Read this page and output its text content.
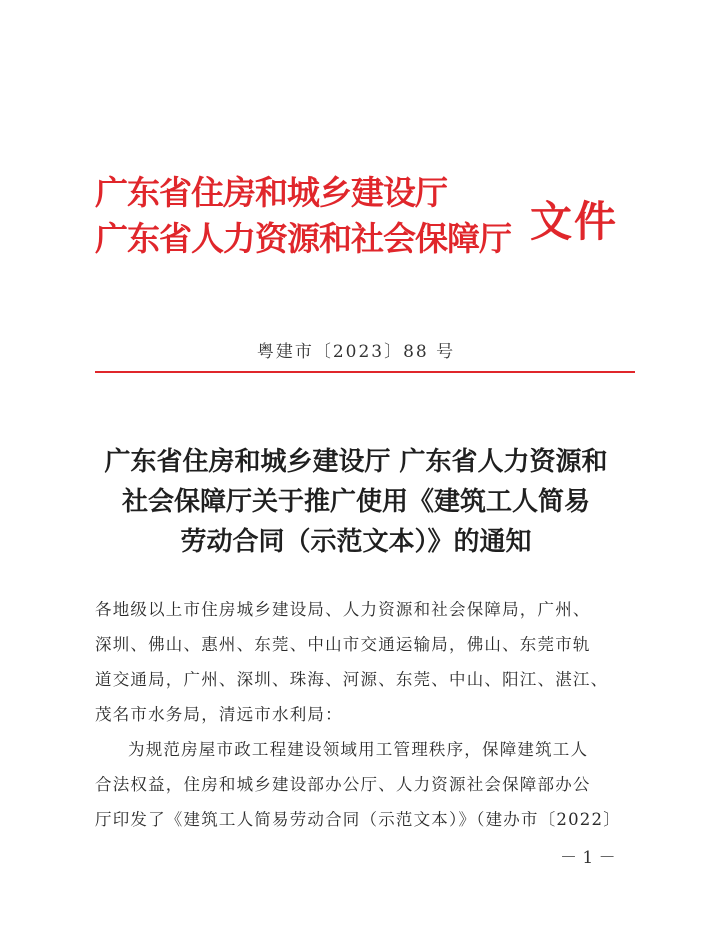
广东省住房和城乡建设厅
广东省人力资源和社会保障厅 文件
粤建市〔2023〕88 号
广东省住房和城乡建设厅 广东省人力资源和
社会保障厅关于推广使用《建筑工人简易
劳动合同（示范文本）》的通知
各地级以上市住房城乡建设局、人力资源和社会保障局，广州、
深圳、佛山、惠州、东莞、中山市交通运输局，佛山、东莞市轨
道交通局，广州、深圳、珠海、河源、东莞、中山、阳江、湛江、
茂名市水务局，清远市水利局：
为规范房屋市政工程建设领域用工管理秩序，保障建筑工人
合法权益，住房和城乡建设部办公厅、人力资源社会保障部办公
厅印发了《建筑工人简易劳动合同（示范文本）》（建办市〔2022〕
－ 1 －
